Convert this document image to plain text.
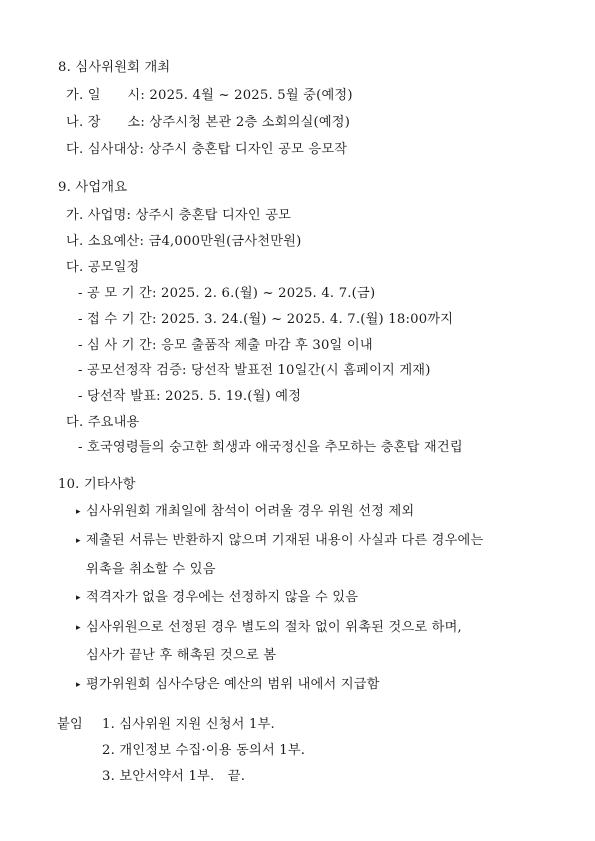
8. 심사위원회 개최
가. 일　　시: 2025. 4월 ~ 2025. 5월 중(예정)
나. 장　　소: 상주시청 본관 2층 소회의실(예정)
다. 심사대상: 상주시 충혼탑 디자인 공모 응모작
9. 사업개요
가. 사업명: 상주시 충혼탑 디자인 공모
나. 소요예산: 금4,000만원(금사천만원)
다. 공모일정
- 공 모 기 간: 2025. 2. 6.(월) ~ 2025. 4. 7.(금)
- 접 수 기 간: 2025. 3. 24.(월) ~ 2025. 4. 7.(월) 18:00까지
- 심 사 기 간: 응모 출품작 제출 마감 후 30일 이내
- 공모선정작 검증: 당선작 발표전 10일간(시 홈페이지 게재)
- 당선작 발표: 2025. 5. 19.(월) 예정
다. 주요내용
- 호국영령들의 숭고한 희생과 애국정신을 추모하는 충혼탑 재건립
10. 기타사항
▸ 심사위원회 개최일에 참석이 어려울 경우 위원 선정 제외
▸ 제출된 서류는 반환하지 않으며 기재된 내용이 사실과 다른 경우에는
위촉을 취소할 수 있음
▸ 적격자가 없을 경우에는 선정하지 않을 수 있음
▸ 심사위원으로 선정된 경우 별도의 절차 없이 위촉된 것으로 하며,
심사가 끝난 후 해촉된 것으로 봄
▸ 평가위원회 심사수당은 예산의 범위 내에서 지급함
붙임 1. 심사위원 지원 신청서 1부.
2. 개인정보 수집·이용 동의서 1부.
3. 보안서약서 1부.　끝.
